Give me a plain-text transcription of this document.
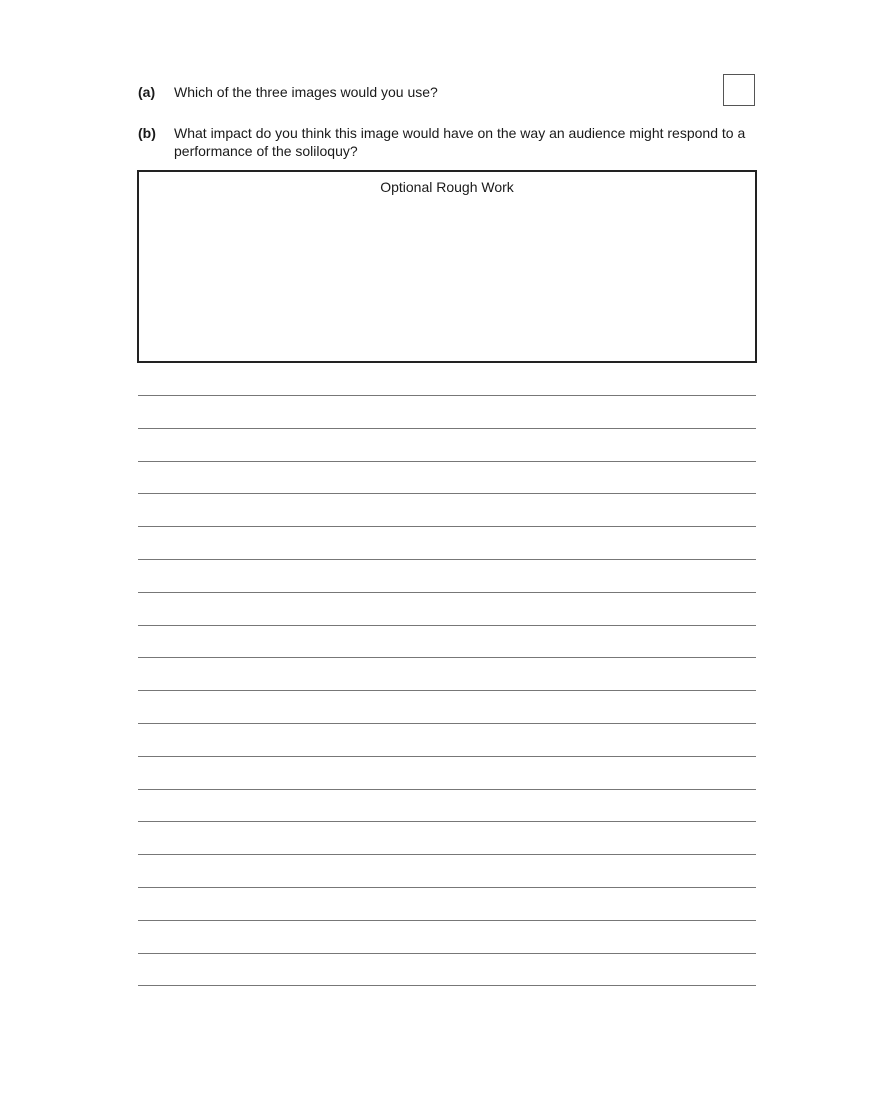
(a)	Which of the three images would you use?
(b)	What impact do you think this image would have on the way an audience might respond to a performance of the soliloquy?
Optional Rough Work
